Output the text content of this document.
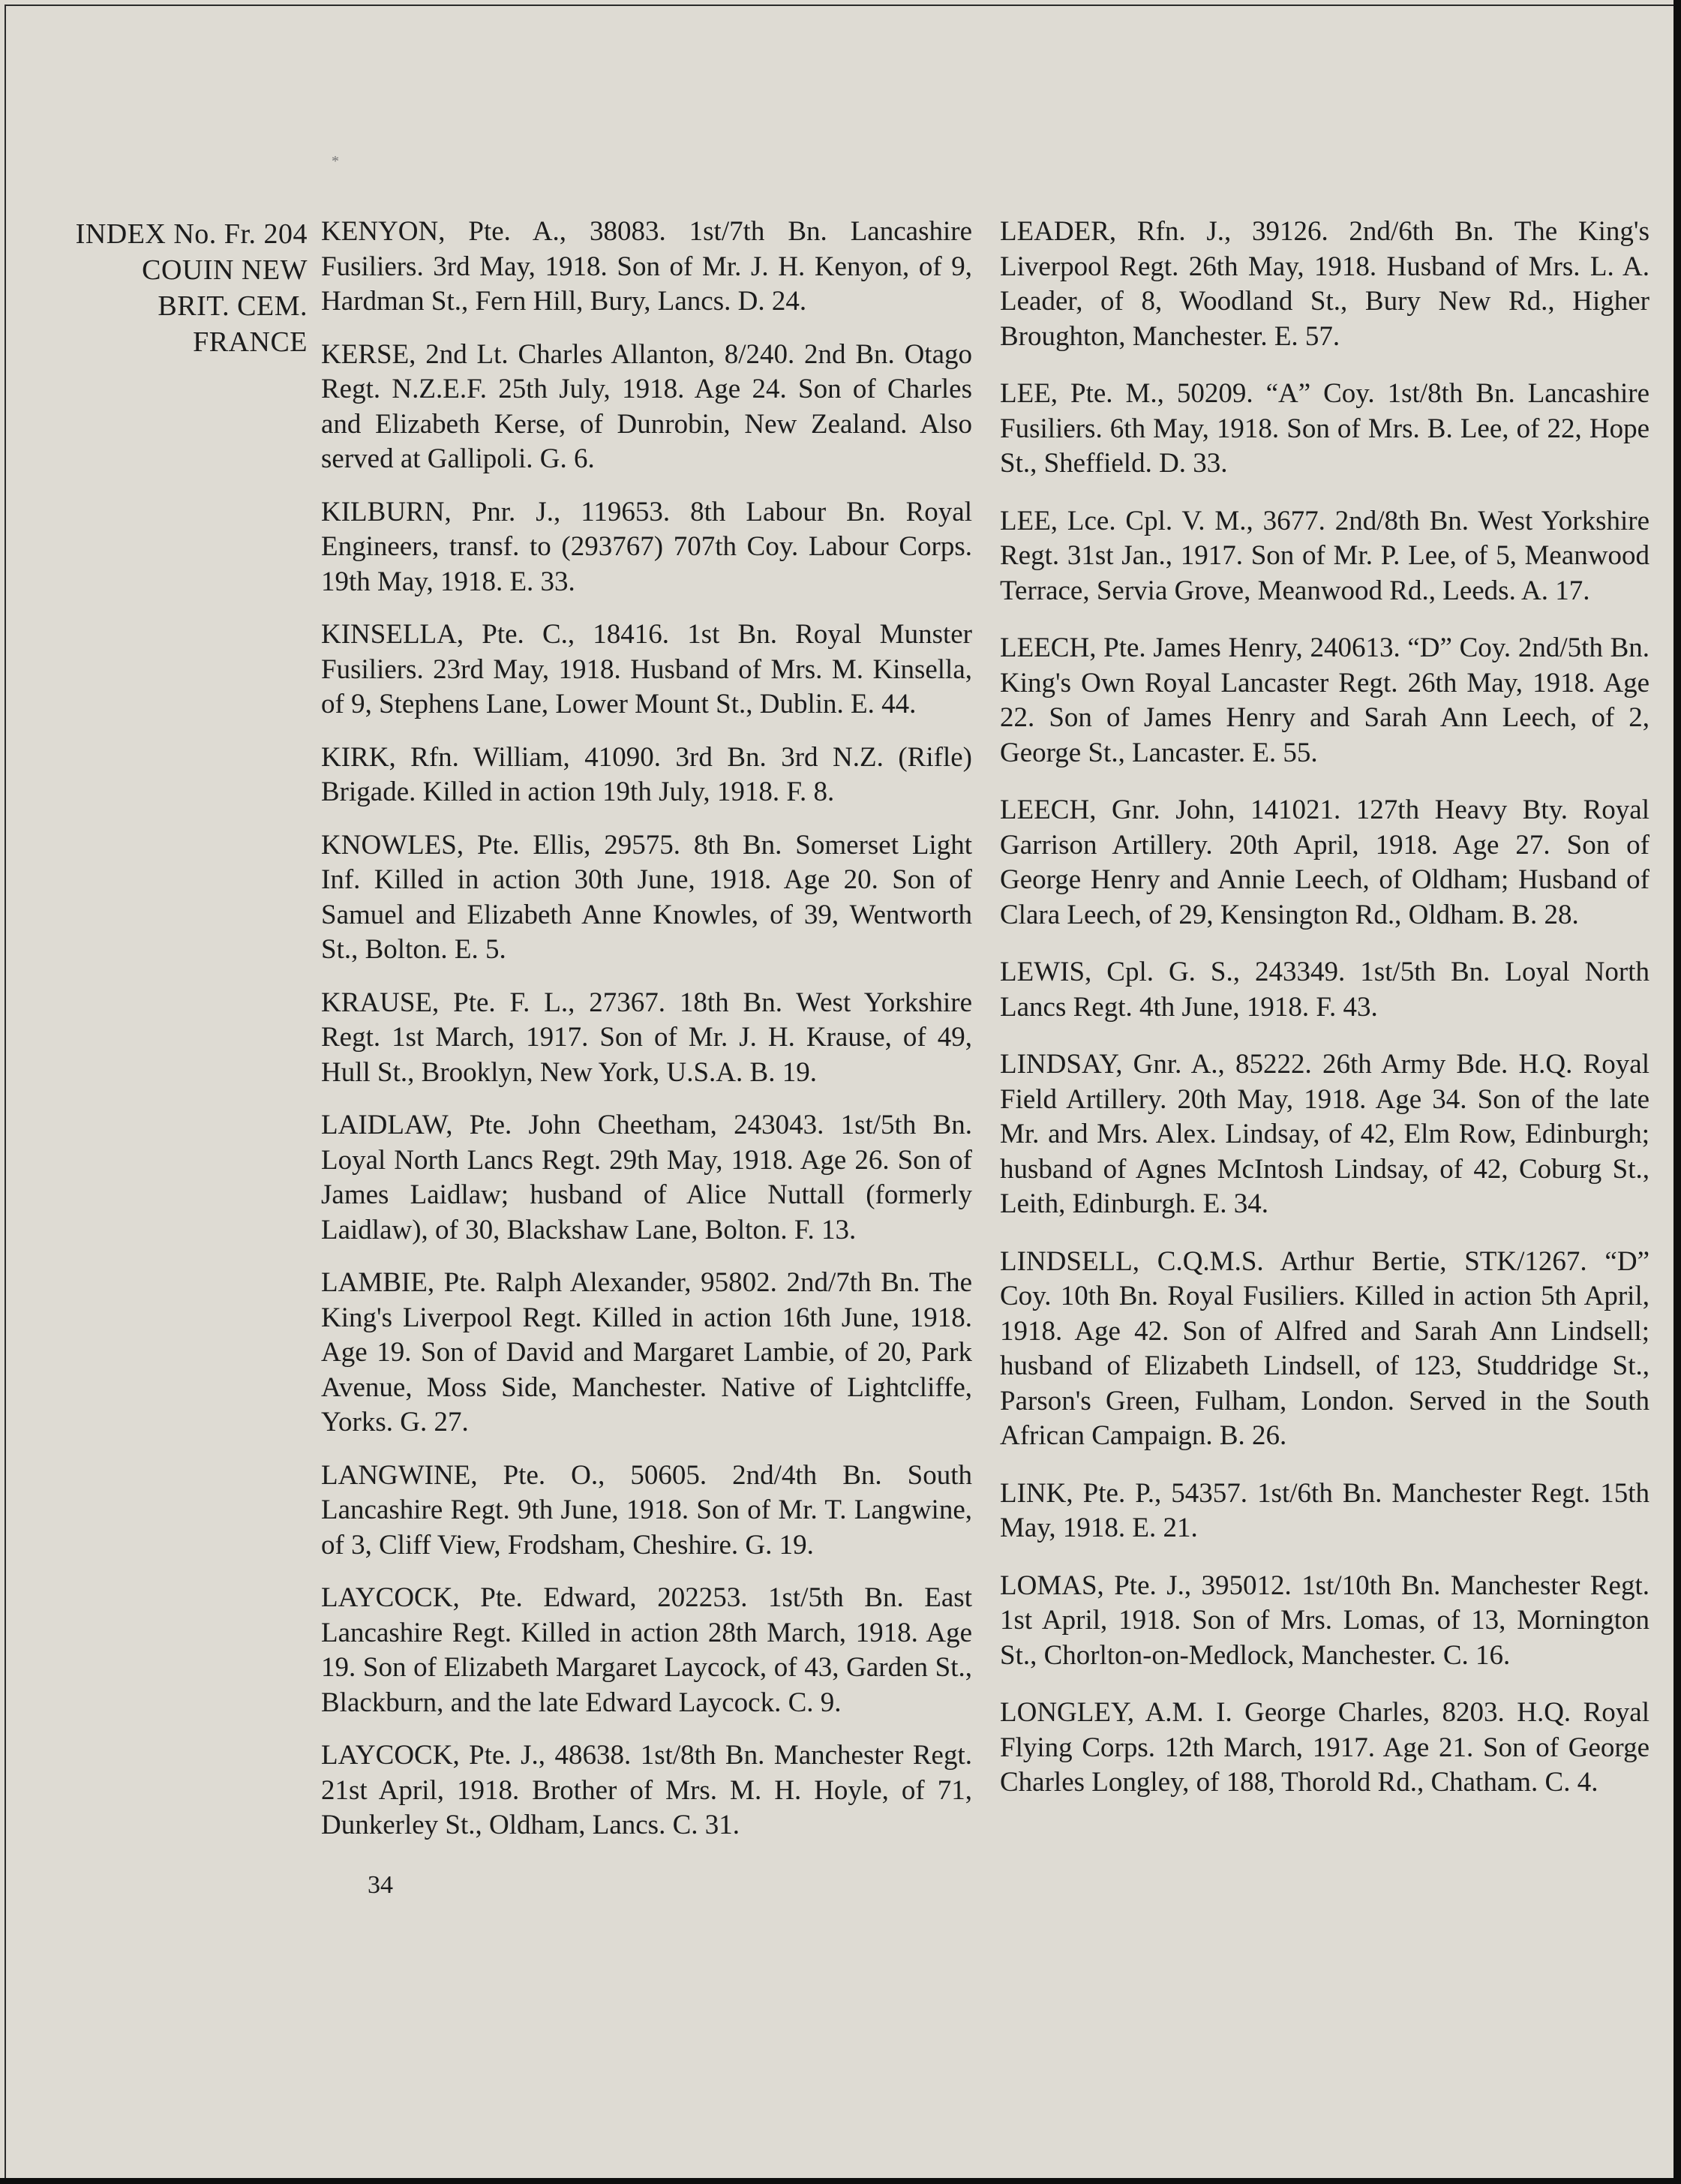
*
INDEX No. Fr. 204
COUIN NEW
BRIT. CEM.
FRANCE

KENYON, Pte. A., 38083. 1st/7th Bn. Lancashire Fusiliers. 3rd May, 1918. Son of Mr. J. H. Kenyon, of 9, Hardman St., Fern Hill, Bury, Lancs. D. 24.

KERSE, 2nd Lt. Charles Allanton, 8/240. 2nd Bn. Otago Regt. N.Z.E.F. 25th July, 1918. Age 24. Son of Charles and Elizabeth Kerse, of Dunrobin, New Zealand. Also served at Gallipoli. G. 6.

KILBURN, Pnr. J., 119653. 8th Labour Bn. Royal Engineers, transf. to (293767) 707th Coy. Labour Corps. 19th May, 1918. E. 33.

KINSELLA, Pte. C., 18416. 1st Bn. Royal Munster Fusiliers. 23rd May, 1918. Husband of Mrs. M. Kinsella, of 9, Stephens Lane, Lower Mount St., Dublin. E. 44.

KIRK, Rfn. William, 41090. 3rd Bn. 3rd N.Z. (Rifle) Brigade. Killed in action 19th July, 1918. F. 8.

KNOWLES, Pte. Ellis, 29575. 8th Bn. Somerset Light Inf. Killed in action 30th June, 1918. Age 20. Son of Samuel and Elizabeth Anne Knowles, of 39, Wentworth St., Bolton. E. 5.

KRAUSE, Pte. F. L., 27367. 18th Bn. West Yorkshire Regt. 1st March, 1917. Son of Mr. J. H. Krause, of 49, Hull St., Brooklyn, New York, U.S.A. B. 19.

LAIDLAW, Pte. John Cheetham, 243043. 1st/5th Bn. Loyal North Lancs Regt. 29th May, 1918. Age 26. Son of James Laidlaw; husband of Alice Nuttall (formerly Laidlaw), of 30, Blackshaw Lane, Bolton. F. 13.

LAMBIE, Pte. Ralph Alexander, 95802. 2nd/7th Bn. The King's Liverpool Regt. Killed in action 16th June, 1918. Age 19. Son of David and Margaret Lambie, of 20, Park Avenue, Moss Side, Manchester. Native of Lightcliffe, Yorks. G. 27.

LANGWINE, Pte. O., 50605. 2nd/4th Bn. South Lancashire Regt. 9th June, 1918. Son of Mr. T. Langwine, of 3, Cliff View, Frodsham, Cheshire. G. 19.

LAYCOCK, Pte. Edward, 202253. 1st/5th Bn. East Lancashire Regt. Killed in action 28th March, 1918. Age 19. Son of Elizabeth Margaret Laycock, of 43, Garden St., Blackburn, and the late Edward Laycock. C. 9.

LAYCOCK, Pte. J., 48638. 1st/8th Bn. Manchester Regt. 21st April, 1918. Brother of Mrs. M. H. Hoyle, of 71, Dunkerley St., Oldham, Lancs. C. 31.

LEADER, Rfn. J., 39126. 2nd/6th Bn. The King's Liverpool Regt. 26th May, 1918. Husband of Mrs. L. A. Leader, of 8, Woodland St., Bury New Rd., Higher Broughton, Manchester. E. 57.

LEE, Pte. M., 50209. “A” Coy. 1st/8th Bn. Lancashire Fusiliers. 6th May, 1918. Son of Mrs. B. Lee, of 22, Hope St., Sheffield. D. 33.

LEE, Lce. Cpl. V. M., 3677. 2nd/8th Bn. West Yorkshire Regt. 31st Jan., 1917. Son of Mr. P. Lee, of 5, Meanwood Terrace, Servia Grove, Meanwood Rd., Leeds. A. 17.

LEECH, Pte. James Henry, 240613. “D” Coy. 2nd/5th Bn. King's Own Royal Lancaster Regt. 26th May, 1918. Age 22. Son of James Henry and Sarah Ann Leech, of 2, George St., Lancaster. E. 55.

LEECH, Gnr. John, 141021. 127th Heavy Bty. Royal Garrison Artillery. 20th April, 1918. Age 27. Son of George Henry and Annie Leech, of Oldham; Husband of Clara Leech, of 29, Kensington Rd., Oldham. B. 28.

LEWIS, Cpl. G. S., 243349. 1st/5th Bn. Loyal North Lancs Regt. 4th June, 1918. F. 43.

LINDSAY, Gnr. A., 85222. 26th Army Bde. H.Q. Royal Field Artillery. 20th May, 1918. Age 34. Son of the late Mr. and Mrs. Alex. Lindsay, of 42, Elm Row, Edinburgh; husband of Agnes McIntosh Lindsay, of 42, Coburg St., Leith, Edinburgh. E. 34.

LINDSELL, C.Q.M.S. Arthur Bertie, STK/1267. “D” Coy. 10th Bn. Royal Fusiliers. Killed in action 5th April, 1918. Age 42. Son of Alfred and Sarah Ann Lindsell; husband of Elizabeth Lindsell, of 123, Studdridge St., Parson's Green, Fulham, London. Served in the South African Campaign. B. 26.

LINK, Pte. P., 54357. 1st/6th Bn. Manchester Regt. 15th May, 1918. E. 21.

LOMAS, Pte. J., 395012. 1st/10th Bn. Manchester Regt. 1st April, 1918. Son of Mrs. Lomas, of 13, Mornington St., Chorlton-on-Medlock, Manchester. C. 16.

LONGLEY, A.M. I. George Charles, 8203. H.Q. Royal Flying Corps. 12th March, 1917. Age 21. Son of George Charles Longley, of 188, Thorold Rd., Chatham. C. 4.

34
